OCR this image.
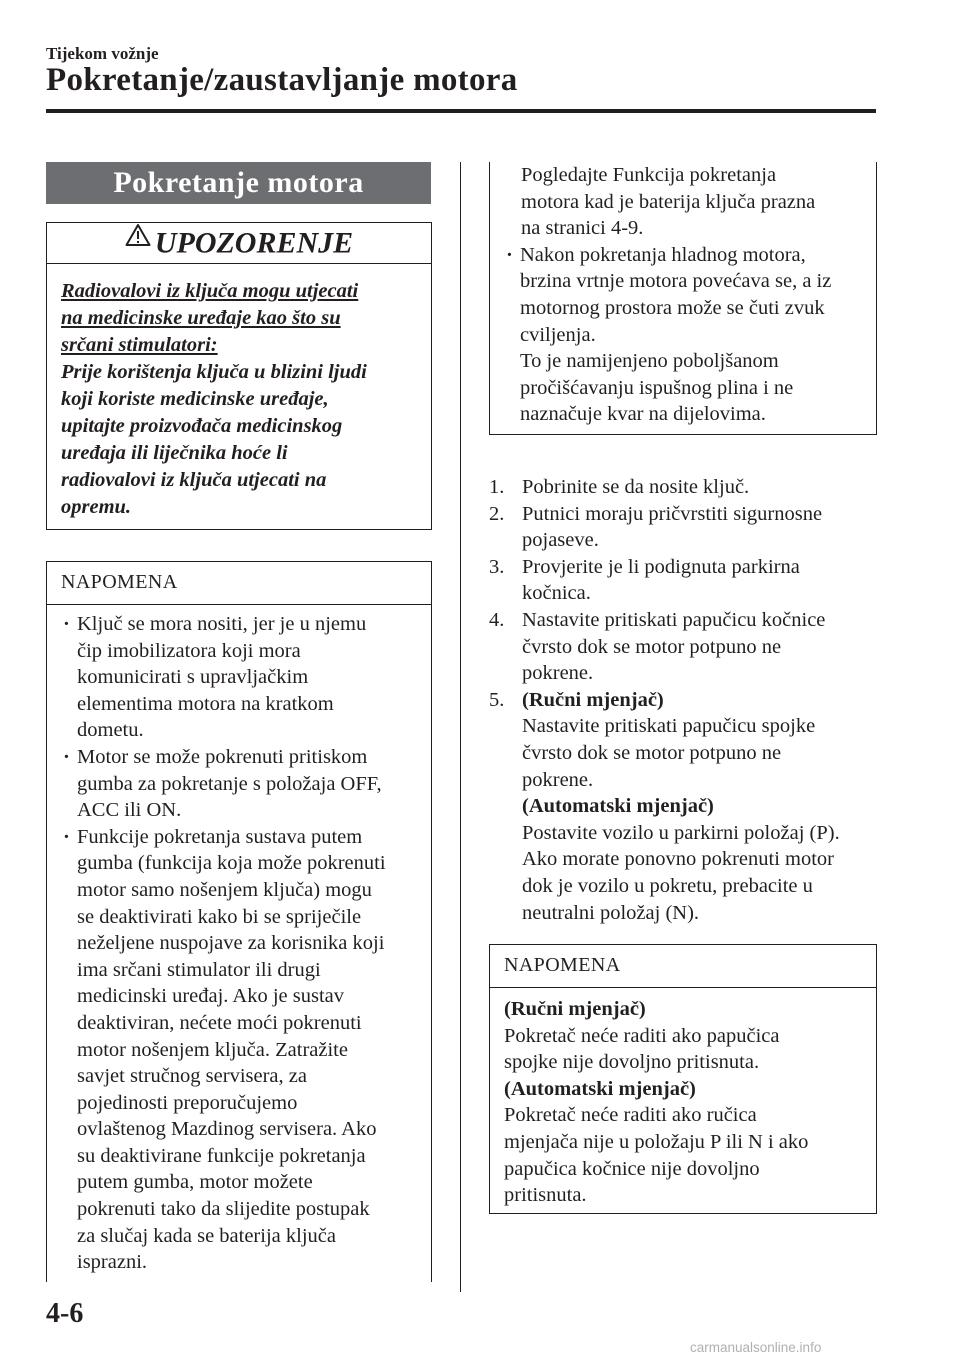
Tijekom vožnje
Pokretanje/zaustavljanje motora
Pokretanje motora
UPOZORENJE
Radiovalovi iz ključa mogu utjecati
na medicinske uređaje kao što su
srčani stimulatori:
Prije korištenja ključa u blizini ljudi
koji koriste medicinske uređaje,
upitajte proizvođača medicinskog
uređaja ili liječnika hoće li
radiovalovi iz ključa utjecati na
opremu.
NAPOMENA
· Ključ se mora nositi, jer je u njemu
čip imobilizatora koji mora
komunicirati s upravljačkim
elementima motora na kratkom
dometu.
· Motor se može pokrenuti pritiskom
gumba za pokretanje s položaja OFF,
ACC ili ON.
· Funkcije pokretanja sustava putem
gumba (funkcija koja može pokrenuti
motor samo nošenjem ključa) mogu
se deaktivirati kako bi se spriječile
neželjene nuspojave za korisnika koji
ima srčani stimulator ili drugi
medicinski uređaj. Ako je sustav
deaktiviran, nećete moći pokrenuti
motor nošenjem ključa. Zatražite
savjet stručnog servisera, za
pojedinosti preporučujemo
ovlaštenog Mazdinog servisera. Ako
su deaktivirane funkcije pokretanja
putem gumba, motor možete
pokrenuti tako da slijedite postupak
za slučaj kada se baterija ključa
isprazni.
Pogledajte Funkcija pokretanja
motora kad je baterija ključa prazna
na stranici 4-9.
· Nakon pokretanja hladnog motora,
brzina vrtnje motora povećava se, a iz
motornog prostora može se čuti zvuk
cviljenja.
To je namijenjeno poboljšanom
pročišćavanju ispušnog plina i ne
naznačuje kvar na dijelovima.
1. Pobrinite se da nosite ključ.
2. Putnici moraju pričvrstiti sigurnosne
pojaseve.
3. Provjerite je li podignuta parkirna
kočnica.
4. Nastavite pritiskati papučicu kočnice
čvrsto dok se motor potpuno ne
pokrene.
5. (Ručni mjenjač)
Nastavite pritiskati papučicu spojke
čvrsto dok se motor potpuno ne
pokrene.
(Automatski mjenjač)
Postavite vozilo u parkirni položaj (P).
Ako morate ponovno pokrenuti motor
dok je vozilo u pokretu, prebacite u
neutralni položaj (N).
NAPOMENA
(Ručni mjenjač)
Pokretač neće raditi ako papučica
spojke nije dovoljno pritisnuta.
(Automatski mjenjač)
Pokretač neće raditi ako ručica
mjenjača nije u položaju P ili N i ako
papučica kočnice nije dovoljno
pritisnuta.
4-6
carmanualsonline.info
